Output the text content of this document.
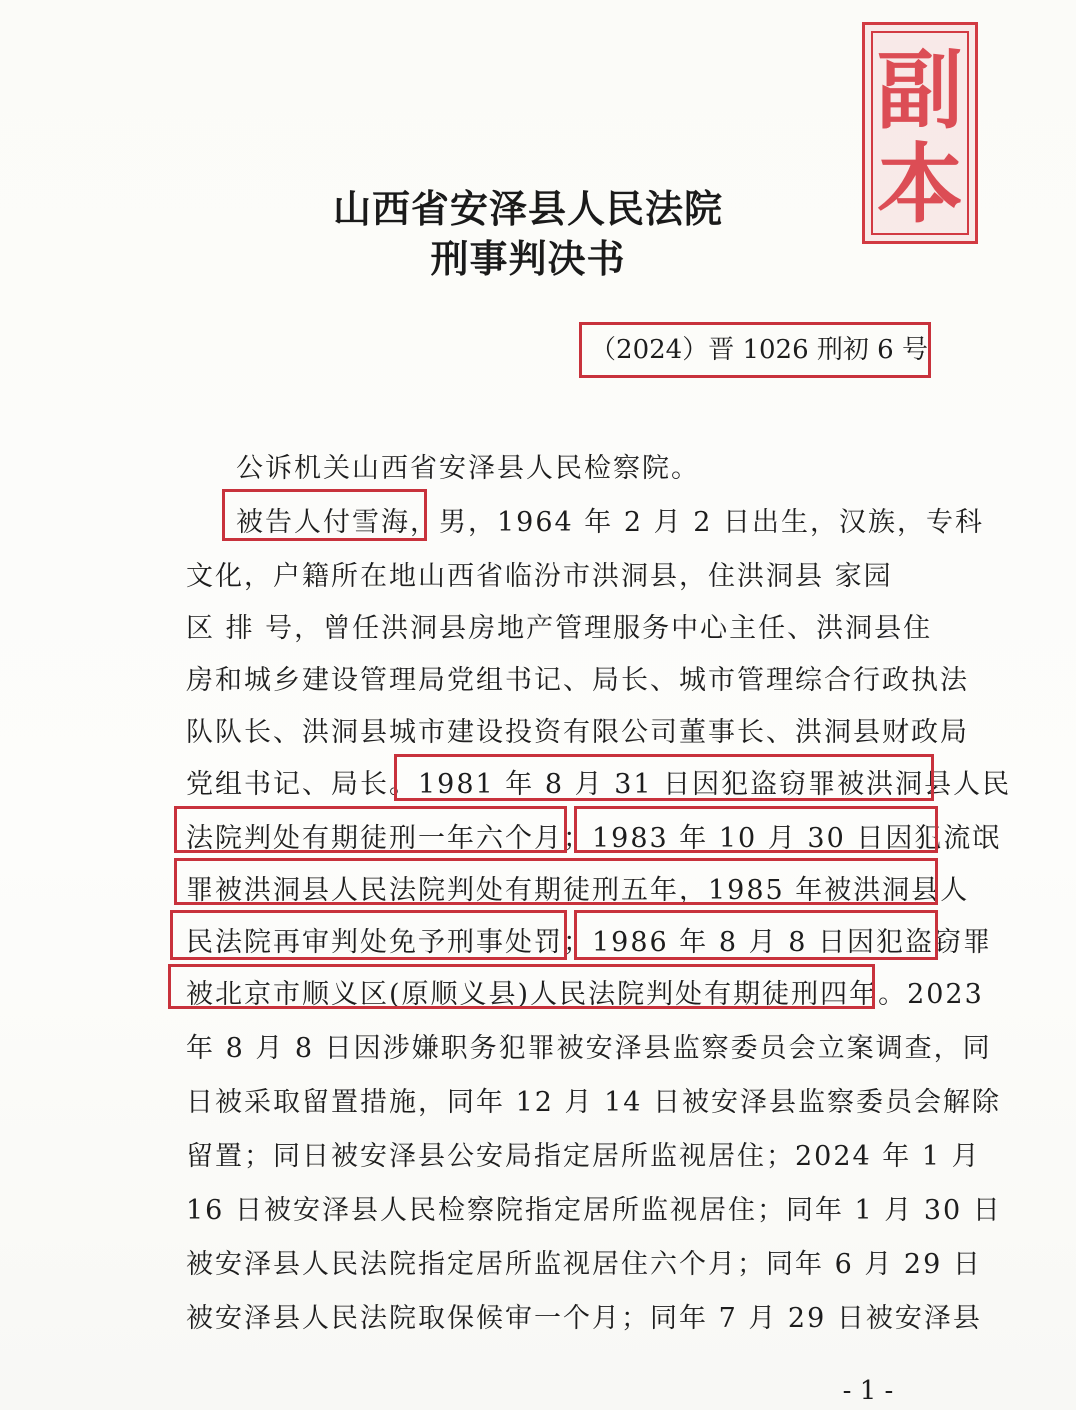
副
本
山西省安泽县人民法院
刑事判决书
（2024）晋 1026 刑初 6 号
公诉机关山西省安泽县人民检察院。
被告人付雪海，男，1964 年 2 月 2 日出生，汉族，专科
文化，户籍所在地山西省临汾市洪洞县，住洪洞县 家园
区 排 号，曾任洪洞县房地产管理服务中心主任、洪洞县住
房和城乡建设管理局党组书记、局长、城市管理综合行政执法
队队长、洪洞县城市建设投资有限公司董事长、洪洞县财政局
党组书记、局长。1981 年 8 月 31 日因犯盗窃罪被洪洞县人民
法院判处有期徒刑一年六个月；1983 年 10 月 30 日因犯流氓
罪被洪洞县人民法院判处有期徒刑五年，1985 年被洪洞县人
民法院再审判处免予刑事处罚；1986 年 8 月 8 日因犯盗窃罪
被北京市顺义区(原顺义县)人民法院判处有期徒刑四年。2023
年 8 月 8 日因涉嫌职务犯罪被安泽县监察委员会立案调查，同
日被采取留置措施，同年 12 月 14 日被安泽县监察委员会解除
留置；同日被安泽县公安局指定居所监视居住；2024 年 1 月
16 日被安泽县人民检察院指定居所监视居住；同年 1 月 30 日
被安泽县人民法院指定居所监视居住六个月；同年 6 月 29 日
被安泽县人民法院取保候审一个月；同年 7 月 29 日被安泽县
- 1 -
